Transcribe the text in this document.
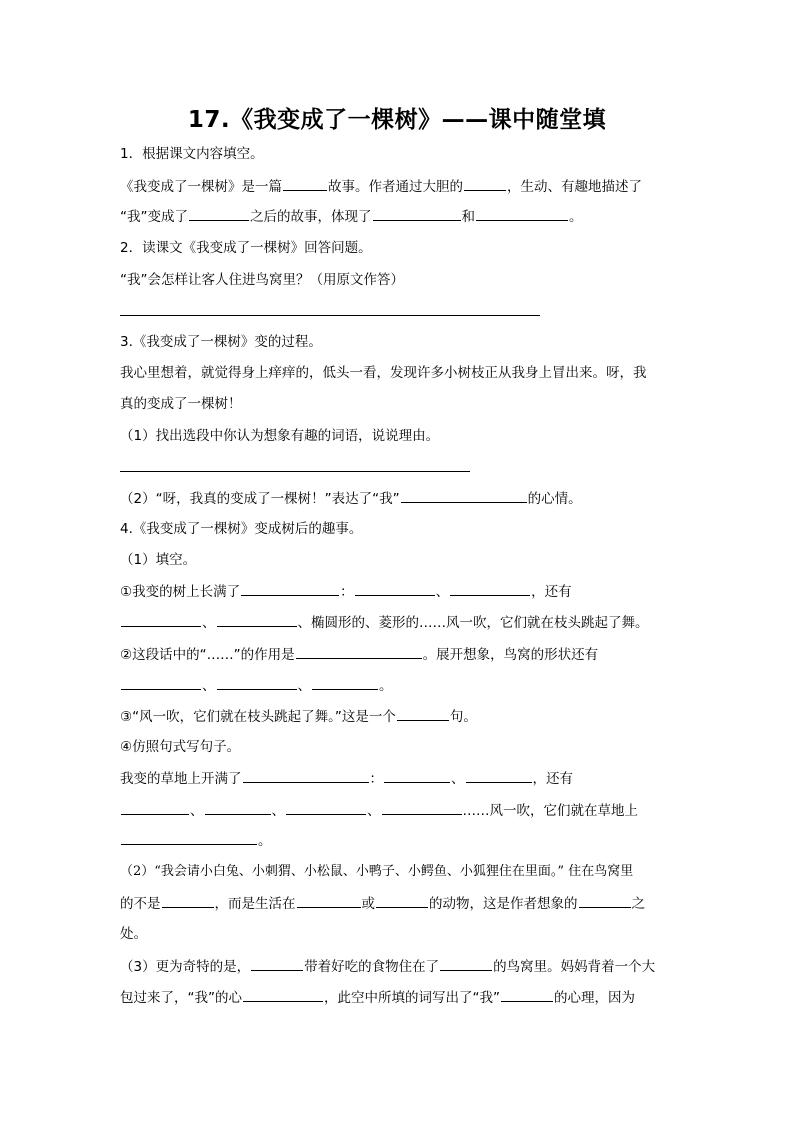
17.《我变成了一棵树》——课中随堂填
1．根据课文内容填空。
《我变成了一棵树》是一篇	故事。作者通过大胆的	，生动、有趣地描述了
“我”变成了	之后的故事，体现了	和	。
2．读课文《我变成了一棵树》回答问题。
“我”会怎样让客人住进鸟窝里？（用原文作答）
3.《我变成了一棵树》变的过程。
我心里想着，就觉得身上痒痒的，低头一看，发现许多小树枝正从我身上冒出来。呀，我
真的变成了一棵树！
（1）找出选段中你认为想象有趣的词语，说说理由。
（2）“呀，我真的变成了一棵树！”表达了“我”	的心情。
4.《我变成了一棵树》变成树后的趣事。
（1）填空。
①我变的树上长满了	：	、	，还有
、	、椭圆形的、菱形的……风一吹，它们就在枝头跳起了舞。
②这段话中的“……”的作用是	。展开想象，鸟窝的形状还有
、	、	。
③“风一吹，它们就在枝头跳起了舞。”这是一个	句。
④仿照句式写句子。
我变的草地上开满了	：	、	，还有
、	、	、	……风一吹，它们就在草地上
。
（2）“我会请小白兔、小刺猬、小松鼠、小鸭子、小鳄鱼、小狐狸住在里面。” 住在鸟窝里
的不是	，而是生活在	或	的动物，这是作者想象的	之
处。
（3）更为奇特的是，	带着好吃的食物住在了	的鸟窝里。妈妈背着一个大
包过来了，“我”的心	，此空中所填的词写出了“我”	的心理，因为
